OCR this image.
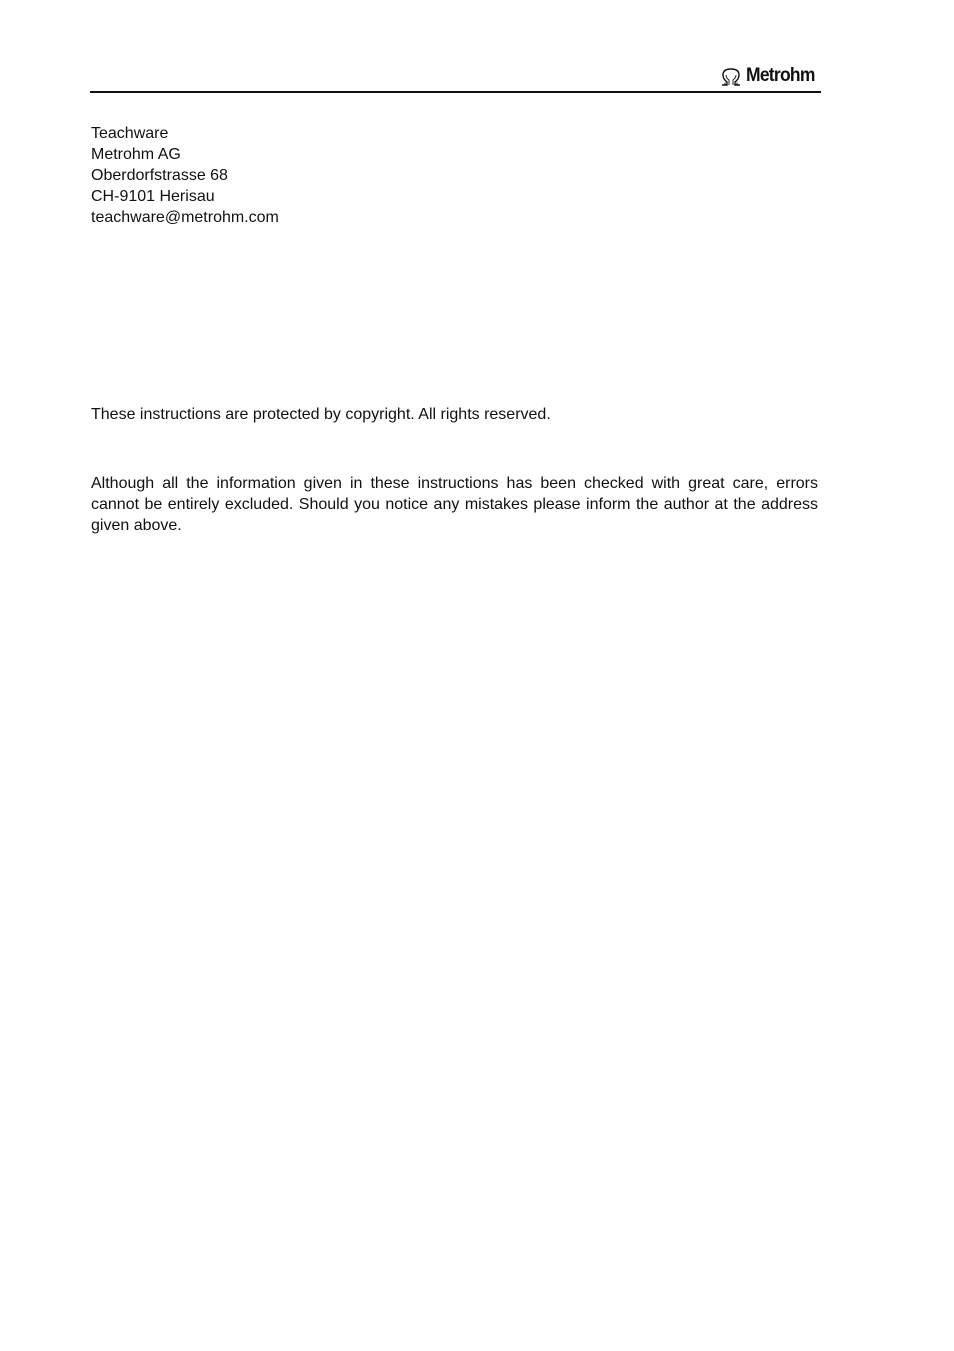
Metrohm
Teachware
Metrohm AG
Oberdorfstrasse 68
CH-9101 Herisau
teachware@metrohm.com

These instructions are protected by copyright. All rights reserved.

Although all the information given in these instructions has been checked with great care, errors cannot be entirely excluded. Should you notice any mistakes please inform the author at the address given above.
